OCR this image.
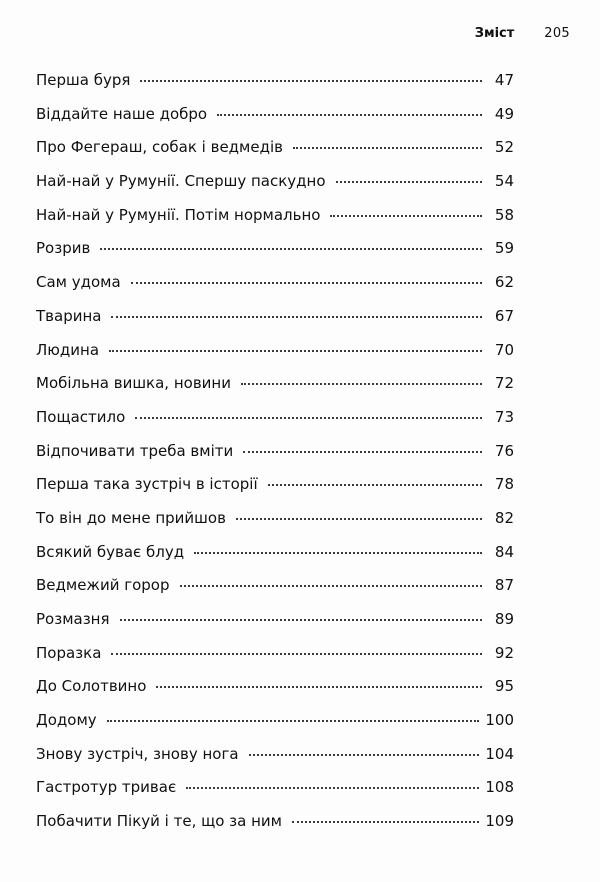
Зміст 205
Перша буря	47
Віддайте наше добро	49
Про Фегераш, собак і ведмедів	52
Най-най у Румунії. Спершу паскудно	54
Най-най у Румунії. Потім нормально	58
Розрив	59
Сам удома	62
Тварина	67
Людина	70
Мобільна вишка, новини	72
Пощастило	73
Відпочивати треба вміти	76
Перша така зустріч в історії	78
То він до мене прийшов	82
Всякий буває блуд	84
Ведмежий горор	87
Розмазня	89
Поразка	92
До Солотвино	95
Додому	100
Знову зустріч, знову нога	104
Гастротур триває	108
Побачити Пікуй і те, що за ним	109
